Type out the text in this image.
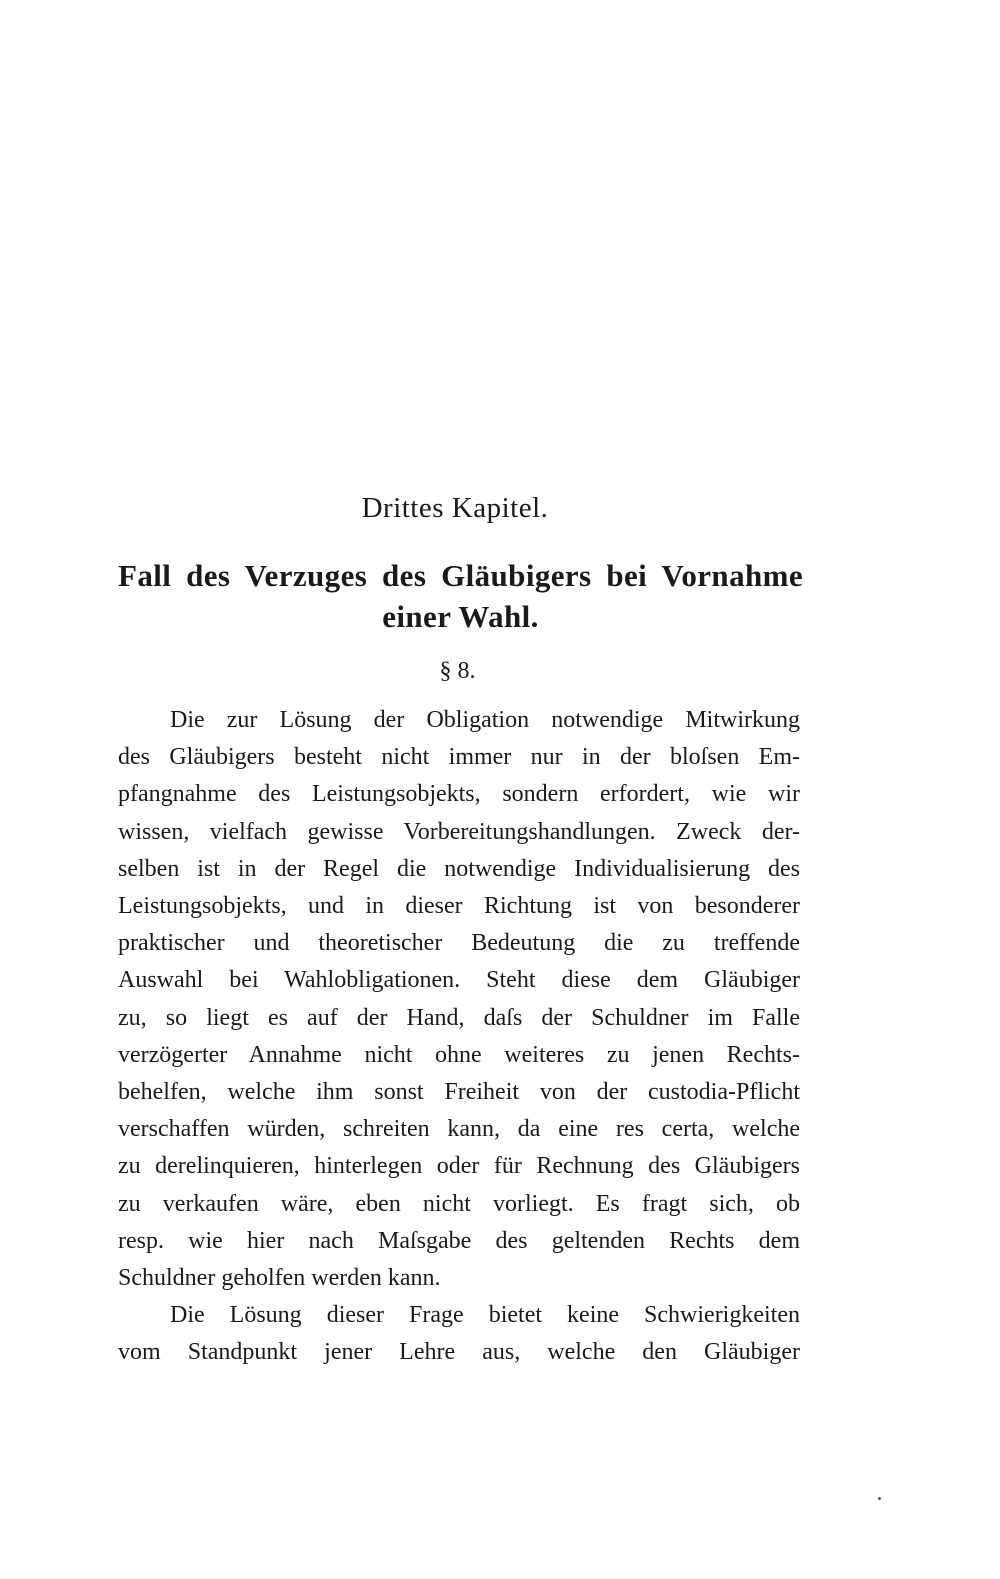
Drittes Kapitel.
Fall des Verzuges des Gläubigers bei Vornahme einer Wahl.
§ 8.

Die zur Lösung der Obligation notwendige Mitwirkung
des Gläubigers besteht nicht immer nur in der bloſsen Em-
pfangnahme des Leistungsobjekts, sondern erfordert, wie wir
wissen, vielfach gewisse Vorbereitungshandlungen. Zweck der-
selben ist in der Regel die notwendige Individualisierung des
Leistungsobjekts, und in dieser Richtung ist von besonderer
praktischer und theoretischer Bedeutung die zu treffende
Auswahl bei Wahlobligationen. Steht diese dem Gläubiger
zu, so liegt es auf der Hand, daſs der Schuldner im Falle
verzögerter Annahme nicht ohne weiteres zu jenen Rechts-
behelfen, welche ihm sonst Freiheit von der custodia-Pflicht
verschaffen würden, schreiten kann, da eine res certa, welche
zu derelinquieren, hinterlegen oder für Rechnung des Gläubigers
zu verkaufen wäre, eben nicht vorliegt. Es fragt sich, ob
resp. wie hier nach Maſsgabe des geltenden Rechts dem
Schuldner geholfen werden kann.

Die Lösung dieser Frage bietet keine Schwierigkeiten
vom Standpunkt jener Lehre aus, welche den Gläubiger
